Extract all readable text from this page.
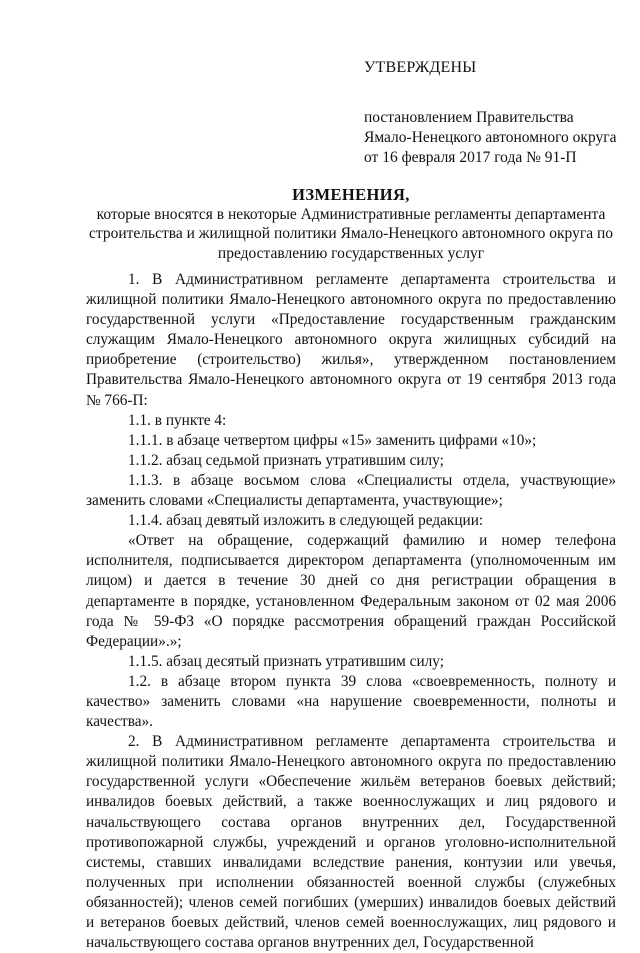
УТВЕРЖДЕНЫ
постановлением Правительства
Ямало-Ненецкого автономного округа
от 16 февраля 2017 года № 91-П
ИЗМЕНЕНИЯ,
которые вносятся в некоторые Административные регламенты департамента строительства и жилищной политики Ямало-Ненецкого автономного округа по предоставлению государственных услуг

1. В Административном регламенте департамента строительства и жилищной политики Ямало-Ненецкого автономного округа по предоставлению государственной услуги «Предоставление государственным гражданским служащим Ямало-Ненецкого автономного округа жилищных субсидий на приобретение (строительство) жилья», утвержденном постановлением Правительства Ямало-Ненецкого автономного округа от 19 сентября 2013 года № 766-П:

1.1. в пункте 4:

1.1.1. в абзаце четвертом цифры «15» заменить цифрами «10»;

1.1.2. абзац седьмой признать утратившим силу;

1.1.3. в абзаце восьмом слова «Специалисты отдела, участвующие» заменить словами «Специалисты департамента, участвующие»;

1.1.4. абзац девятый изложить в следующей редакции:

«Ответ на обращение, содержащий фамилию и номер телефона исполнителя, подписывается директором департамента (уполномоченным им лицом) и дается в течение 30 дней со дня регистрации обращения в департаменте в порядке, установленном Федеральным законом от 02 мая 2006 года № 59-ФЗ «О порядке рассмотрения обращений граждан Российской Федерации».»;

1.1.5. абзац десятый признать утратившим силу;

1.2. в абзаце втором пункта 39 слова «своевременность, полноту и качество» заменить словами «на нарушение своевременности, полноты и качества».

2. В Административном регламенте департамента строительства и жилищной политики Ямало-Ненецкого автономного округа по предоставлению государственной услуги «Обеспечение жильём ветеранов боевых действий; инвалидов боевых действий, а также военнослужащих и лиц рядового и начальствующего состава органов внутренних дел, Государственной противопожарной службы, учреждений и органов уголовно-исполнительной системы, ставших инвалидами вследствие ранения, контузии или увечья, полученных при исполнении обязанностей военной службы (служебных обязанностей); членов семей погибших (умерших) инвалидов боевых действий и ветеранов боевых действий, членов семей военнослужащих, лиц рядового и начальствующего состава органов внутренних дел, Государственной
